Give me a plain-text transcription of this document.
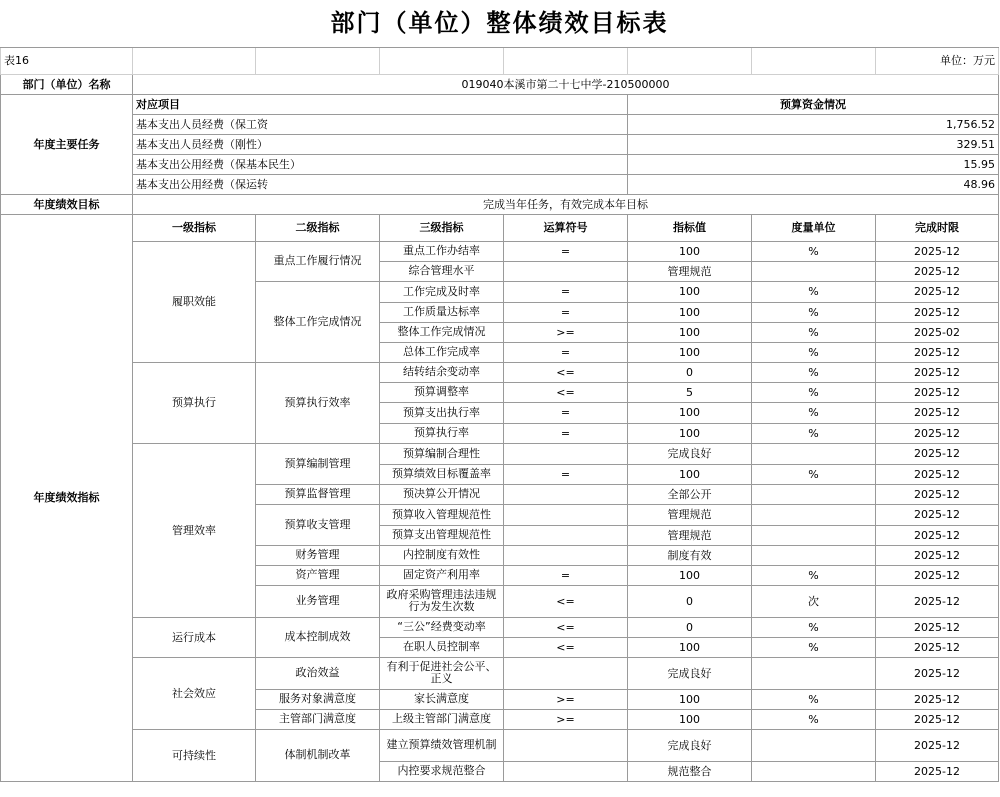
部门（单位）整体绩效目标表							
表16							单位：万元
部门（单位）名称	019040本溪市第二十七中学-210500000						
年度主要任务	对应项目				预算资金情况		
	基本支出人员经费（保工资				1,756.52		
	基本支出人员经费（刚性）				329.51		
	基本支出公用经费（保基本民生）				15.95		
	基本支出公用经费（保运转				48.96		
年度绩效目标	完成当年任务，有效完成本年目标						
年度绩效指标	一级指标	二级指标	三级指标	运算符号	指标值	度量单位	完成时限
	履职效能	重点工作履行情况	重点工作办结率	=	100	%	2025-12
			综合管理水平		管理规范		2025-12
		整体工作完成情况	工作完成及时率	=	100	%	2025-12
			工作质量达标率	=	100	%	2025-12
			整体工作完成情况	>=	100	%	2025-02
			总体工作完成率	=	100	%	2025-12
	预算执行	预算执行效率	结转结余变动率	<=	0	%	2025-12
			预算调整率	<=	5	%	2025-12
			预算支出执行率	=	100	%	2025-12
			预算执行率	=	100	%	2025-12
	管理效率	预算编制管理	预算编制合理性		完成良好		2025-12
			预算绩效目标覆盖率	=	100	%	2025-12
		预算监督管理	预决算公开情况		全部公开		2025-12
		预算收支管理	预算收入管理规范性		管理规范		2025-12
			预算支出管理规范性		管理规范		2025-12
		财务管理	内控制度有效性		制度有效		2025-12
		资产管理	固定资产利用率	=	100	%	2025-12
		业务管理	政府采购管理违法违规行为发生次数	<=	0	次	2025-12
	运行成本	成本控制成效	“三公”经费变动率	<=	0	%	2025-12
			在职人员控制率	<=	100	%	2025-12
	社会效应	政治效益	有利于促进社会公平、正义		完成良好		2025-12
		服务对象满意度	家长满意度	>=	100	%	2025-12
		主管部门满意度	上级主管部门满意度	>=	100	%	2025-12
	可持续性	体制机制改革	建立预算绩效管理机制		完成良好		2025-12
			内控要求规范整合		规范整合		2025-12
